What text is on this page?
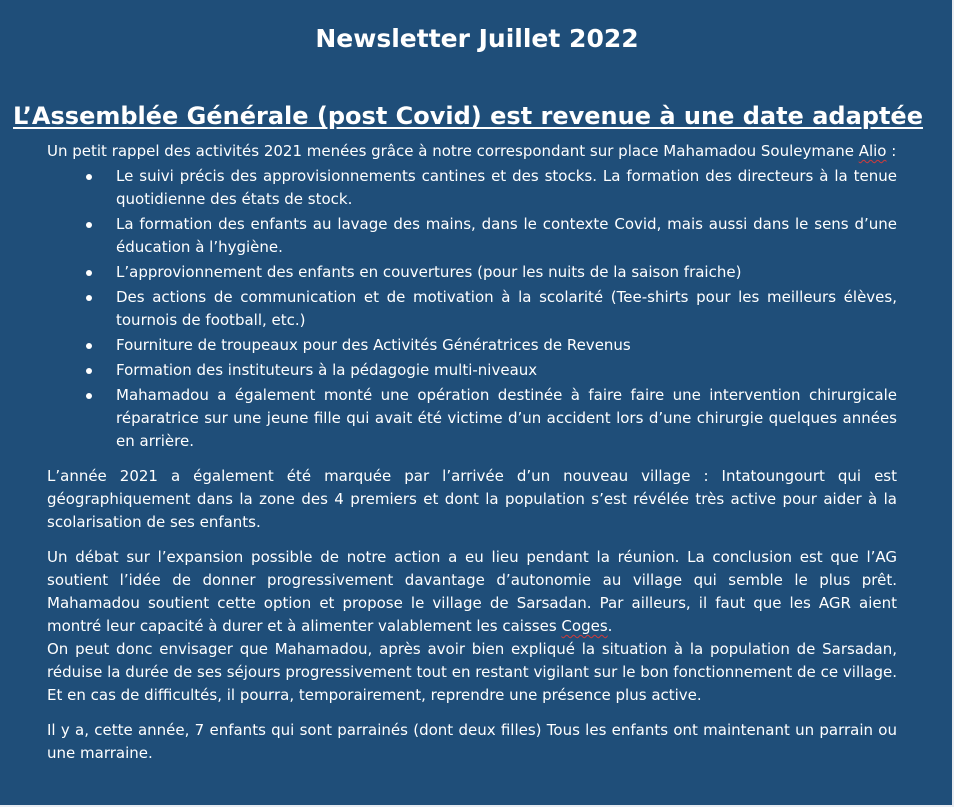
Newsletter Juillet 2022
L’Assemblée Générale (post Covid) est revenue à une date adaptée

Un petit rappel des activités 2021 menées grâce à notre correspondant sur place Mahamadou Souleymane Alio :

Le suivi précis des approvisionnements cantines et des stocks. La formation des directeurs à la tenue quotidienne des états de stock.
La formation des enfants au lavage des mains, dans le contexte Covid, mais aussi dans le sens d’une éducation à l’hygiène.
L’approvionnement des enfants en couvertures (pour les nuits de la saison fraiche)
Des actions de communication et de motivation à la scolarité (Tee-shirts pour les meilleurs élèves, tournois de football, etc.)
Fourniture de troupeaux pour des Activités Génératrices de Revenus
Formation des instituteurs à la pédagogie multi-niveaux
Mahamadou a également monté une opération destinée à faire faire une intervention chirurgicale réparatrice sur une jeune fille qui avait été victime d’un accident lors d’une chirurgie quelques années en arrière.

L’année 2021 a également été marquée par l’arrivée d’un nouveau village : Intatoungourt qui est géographiquement dans la zone des 4 premiers et dont la population s’est révélée très active pour aider à la scolarisation de ses enfants.

Un débat sur l’expansion possible de notre action a eu lieu pendant la réunion. La conclusion est que l’AG soutient l’idée de donner progressivement davantage d’autonomie au village qui semble le plus prêt. Mahamadou soutient cette option et propose le village de Sarsadan. Par ailleurs, il faut que les AGR aient montré leur capacité à durer et à alimenter valablement les caisses Coges.

On peut donc envisager que Mahamadou, après avoir bien expliqué la situation à la population de Sarsadan, réduise la durée de ses séjours progressivement tout en restant vigilant sur le bon fonctionnement de ce village. Et en cas de difficultés, il pourra, temporairement, reprendre une présence plus active.

Il y a, cette année, 7 enfants qui sont parrainés (dont deux filles) Tous les enfants ont maintenant un parrain ou une marraine.
